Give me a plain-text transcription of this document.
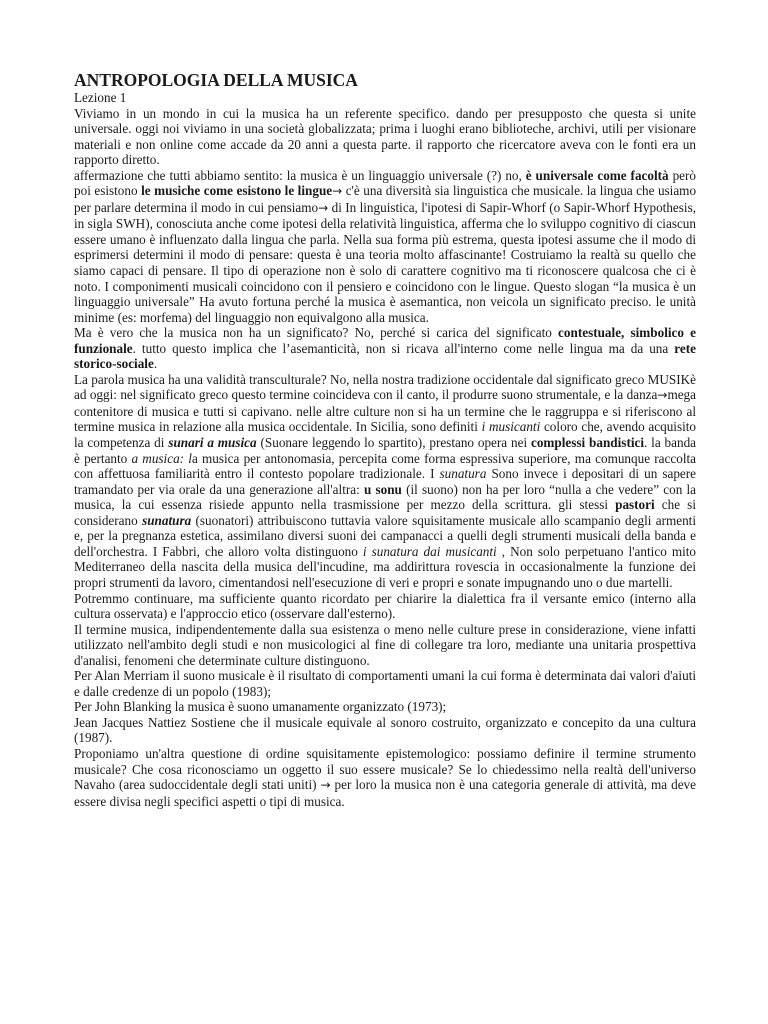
ANTROPOLOGIA DELLA MUSICA
Lezione 1

Viviamo in un mondo in cui la musica ha un referente specifico. dando per presupposto che questa si unite universale. oggi noi viviamo in una società globalizzata; prima i luoghi erano biblioteche, archivi, utili per visionare materiali e non online come accade da 20 anni a questa parte. il rapporto che ricercatore aveva con le fonti era un rapporto diretto.

affermazione che tutti abbiamo sentito: la musica è un linguaggio universale (?) no, è universale come facoltà però poi esistono le musiche come esistono le lingue→ c'è una diversità sia linguistica che musicale. la lingua che usiamo per parlare determina il modo in cui pensiamo→ di In linguistica, l'ipotesi di Sapir-Whorf (o Sapir-Whorf Hypothesis, in sigla SWH), conosciuta anche come ipotesi della relatività linguistica, afferma che lo sviluppo cognitivo di ciascun essere umano è influenzato dalla lingua che parla. Nella sua forma più estrema, questa ipotesi assume che il modo di esprimersi determini il modo di pensare: questa è una teoria molto affascinante! Costruiamo la realtà su quello che siamo capaci di pensare. Il tipo di operazione non è solo di carattere cognitivo ma ti riconoscere qualcosa che ci è noto. I componimenti musicali coincidono con il pensiero e coincidono con le lingue. Questo slogan “la musica è un linguaggio universale” Ha avuto fortuna perché la musica è asemantica, non veicola un significato preciso. le unità minime (es: morfema) del linguaggio non equivalgono alla musica.

Ma è vero che la musica non ha un significato? No, perché si carica del significato contestuale, simbolico e funzionale. tutto questo implica che l’asemanticità, non si ricava all'interno come nelle lingua ma da una rete storico-sociale.

La parola musica ha una validità transculturale? No, nella nostra tradizione occidentale dal significato greco MUSIKè ad oggi: nel significato greco questo termine coincideva con il canto, il produrre suono strumentale, e la danza→mega contenitore di musica e tutti si capivano. nelle altre culture non si ha un termine che le raggruppa e si riferiscono al termine musica in relazione alla musica occidentale. In Sicilia, sono definiti i musicanti coloro che, avendo acquisito la competenza di sunari a musica (Suonare leggendo lo spartito), prestano opera nei complessi bandistici. la banda è pertanto a musica: la musica per antonomasia, percepita come forma espressiva superiore, ma comunque raccolta con affettuosa familiarità entro il contesto popolare tradizionale. I sunatura Sono invece i depositari di un sapere tramandato per via orale da una generazione all'altra: u sonu (il suono) non ha per loro “nulla a che vedere” con la musica, la cui essenza risiede appunto nella trasmissione per mezzo della scrittura. gli stessi pastori che si considerano sunatura (suonatori) attribuiscono tuttavia valore squisitamente musicale allo scampanio degli armenti e, per la pregnanza estetica, assimilano diversi suoni dei campanacci a quelli degli strumenti musicali della banda e dell'orchestra. I Fabbri, che alloro volta distinguono i sunatura dai musicanti , Non solo perpetuano l'antico mito Mediterraneo della nascita della musica dell'incudine, ma addirittura rovescia in occasionalmente la funzione dei propri strumenti da lavoro, cimentandosi nell'esecuzione di veri e propri e sonate impugnando uno o due martelli.

Potremmo continuare, ma sufficiente quanto ricordato per chiarire la dialettica fra il versante emico (interno alla cultura osservata) e l'approccio etico (osservare dall'esterno).

Il termine musica, indipendentemente dalla sua esistenza o meno nelle culture prese in considerazione, viene infatti utilizzato nell'ambito degli studi e non musicologici al fine di collegare tra loro, mediante una unitaria prospettiva d'analisi, fenomeni che determinate culture distinguono.

Per Alan Merriam il suono musicale è il risultato di comportamenti umani la cui forma è determinata dai valori d'aiuti e dalle credenze di un popolo (1983);

Per John Blanking la musica è suono umanamente organizzato (1973);

Jean Jacques Nattiez Sostiene che il musicale equivale al sonoro costruito, organizzato e concepito da una cultura (1987).

Proponiamo un'altra questione di ordine squisitamente epistemologico: possiamo definire il termine strumento musicale? Che cosa riconosciamo un oggetto il suo essere musicale? Se lo chiedessimo nella realtà dell'universo Navaho (area sudoccidentale degli stati uniti) → per loro la musica non è una categoria generale di attività, ma deve essere divisa negli specifici aspetti o tipi di musica.
